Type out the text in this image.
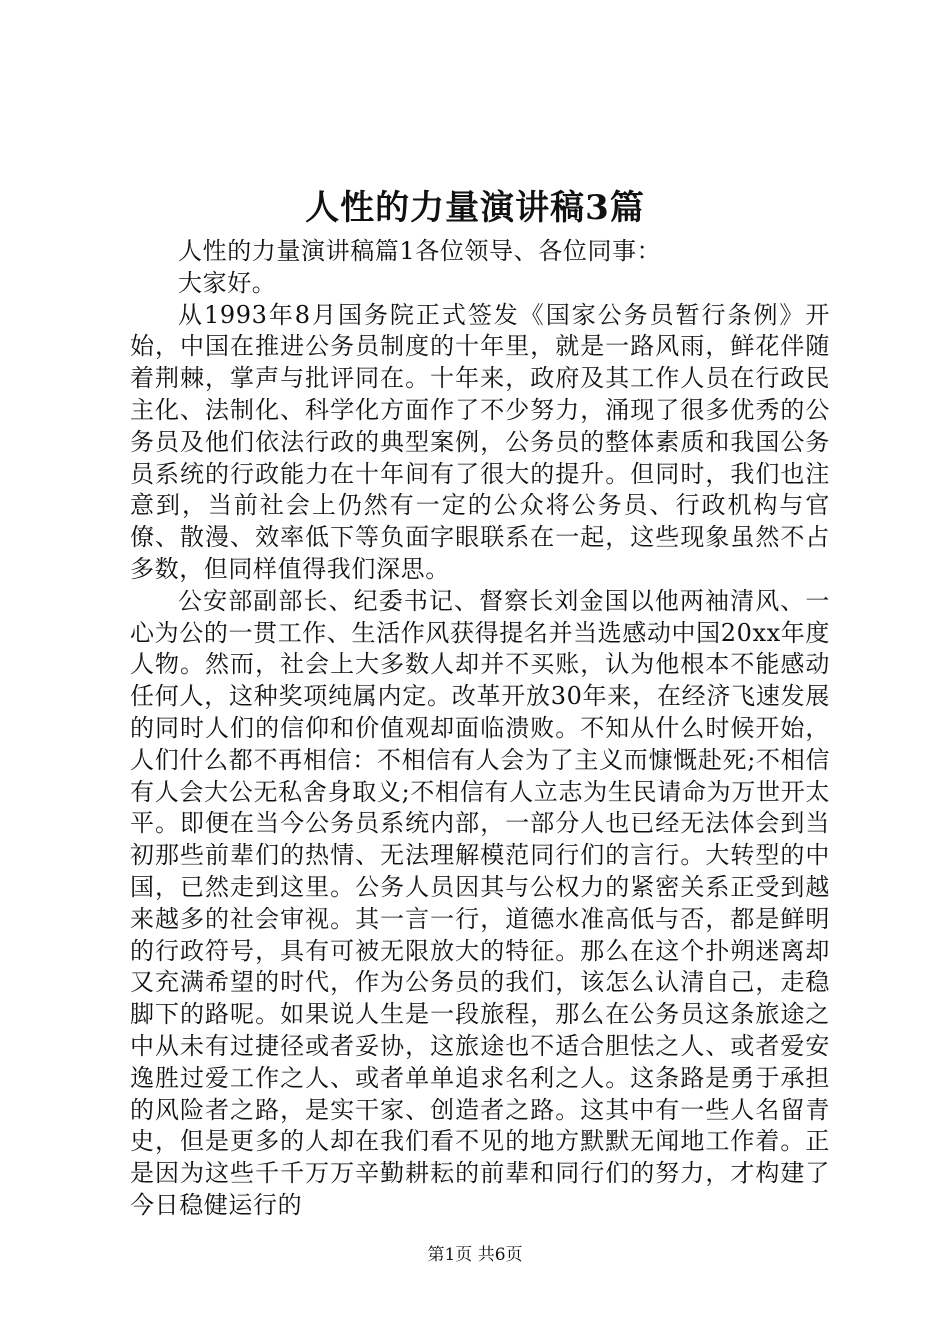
人性的力量演讲稿3篇

人性的力量演讲稿篇1各位领导、各位同事：

大家好。

从1993年8月国务院正式签发《国家公务员暂行条例》开始，中国在推进公务员制度的十年里，就是一路风雨，鲜花伴随着荆棘，掌声与批评同在。十年来，政府及其工作人员在行政民主化、法制化、科学化方面作了不少努力，涌现了很多优秀的公务员及他们依法行政的典型案例，公务员的整体素质和我国公务员系统的行政能力在十年间有了很大的提升。但同时，我们也注意到，当前社会上仍然有一定的公众将公务员、行政机构与官僚、散漫、效率低下等负面字眼联系在一起，这些现象虽然不占多数，但同样值得我们深思。

公安部副部长、纪委书记、督察长刘金国以他两袖清风、一心为公的一贯工作、生活作风获得提名并当选感动中国20xx年度人物。然而，社会上大多数人却并不买账，认为他根本不能感动任何人，这种奖项纯属内定。改革开放30年来，在经济飞速发展的同时人们的信仰和价值观却面临溃败。不知从什么时候开始，人们什么都不再相信：不相信有人会为了主义而慷慨赴死;不相信有人会大公无私舍身取义;不相信有人立志为生民请命为万世开太平。即便在当今公务员系统内部，一部分人也已经无法体会到当初那些前辈们的热情、无法理解模范同行们的言行。大转型的中国，已然走到这里。公务人员因其与公权力的紧密关系正受到越来越多的社会审视。其一言一行，道德水准高低与否，都是鲜明的行政符号，具有可被无限放大的特征。那么在这个扑朔迷离却又充满希望的时代，作为公务员的我们，该怎么认清自己，走稳脚下的路呢。如果说人生是一段旅程，那么在公务员这条旅途之中从未有过捷径或者妥协，这旅途也不适合胆怯之人、或者爱安逸胜过爱工作之人、或者单单追求名利之人。这条路是勇于承担的风险者之路，是实干家、创造者之路。这其中有一些人名留青史，但是更多的人却在我们看不见的地方默默无闻地工作着。正是因为这些千千万万辛勤耕耘的前辈和同行们的努力，才构建了今日稳健运行的

第1页 共6页
